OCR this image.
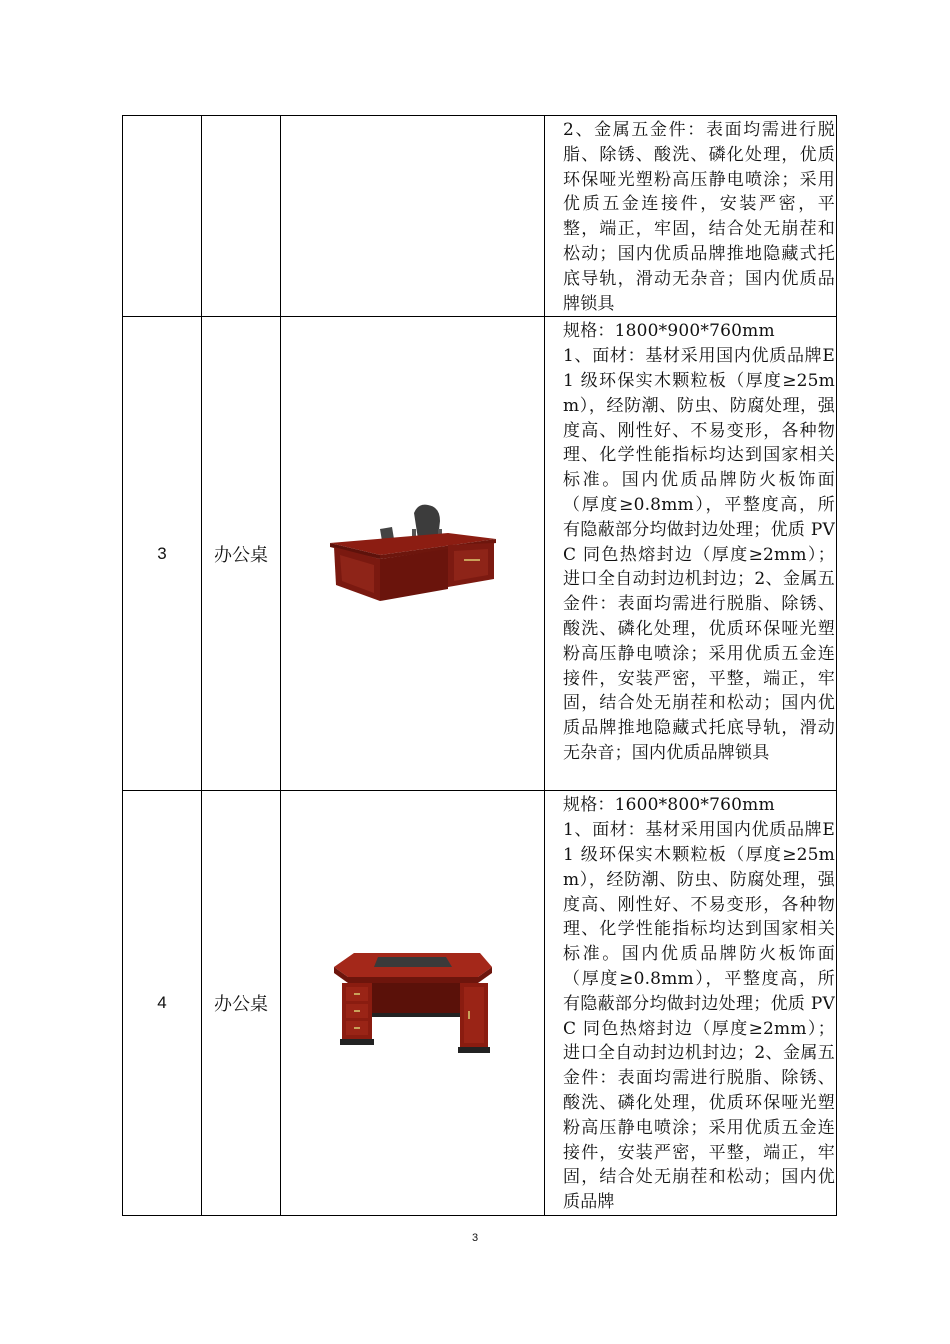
			2、金属五金件：表面均需进行脱脂、除锈、酸洗、磷化处理，优质环保哑光塑粉高压静电喷涂；采用优质五金连接件，安装严密，平整，端正，牢固，结合处无崩茬和松动；国内优质品牌推地隐藏式托底导轨，滑动无杂音；国内优质品牌锁具

3	办公桌		规格：1800*900*760mm
1、面材：基材采用国内优质品牌E1 级环保实木颗粒板（厚度≥25mm），经防潮、防虫、防腐处理，强度高、刚性好、不易变形，各种物理、化学性能指标均达到国家相关标准。国内优质品牌防火板饰面（厚度≥0.8mm），平整度高，所有隐蔽部分均做封边处理；优质 PVC 同色热熔封边（厚度≥2mm）；进口全自动封边机封边；2、金属五金件：表面均需进行脱脂、除锈、酸洗、磷化处理，优质环保哑光塑粉高压静电喷涂；采用优质五金连接件，安装严密，平整，端正，牢固，结合处无崩茬和松动；国内优质品牌推地隐藏式托底导轨，滑动无杂音；国内优质品牌锁具

4	办公桌		规格：1600*800*760mm
1、面材：基材采用国内优质品牌E1 级环保实木颗粒板（厚度≥25mm），经防潮、防虫、防腐处理，强度高、刚性好、不易变形，各种物理、化学性能指标均达到国家相关标准。国内优质品牌防火板饰面（厚度≥0.8mm），平整度高，所有隐蔽部分均做封边处理；优质 PVC 同色热熔封边（厚度≥2mm）；进口全自动封边机封边；2、金属五金件：表面均需进行脱脂、除锈、酸洗、磷化处理，优质环保哑光塑粉高压静电喷涂；采用优质五金连接件，安装严密，平整，端正，牢固，结合处无崩茬和松动；国内优质品牌
3
